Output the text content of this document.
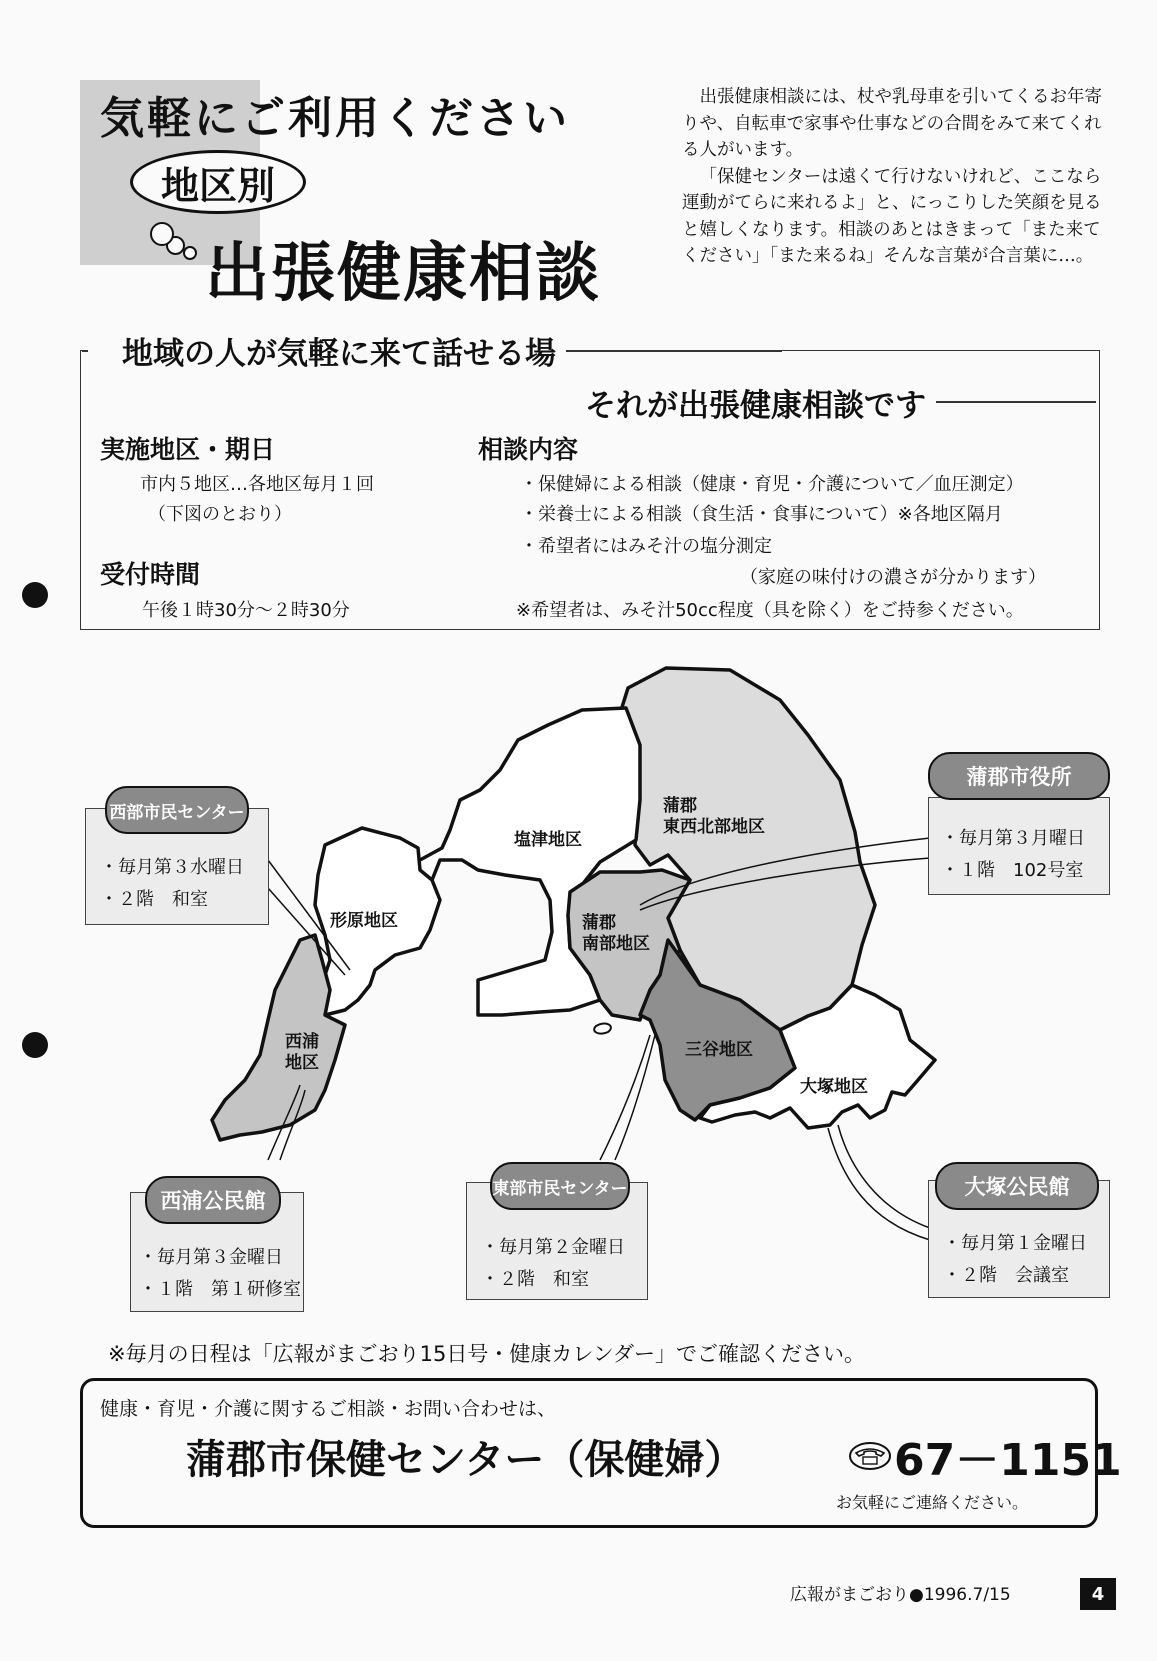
気軽にご利用ください
地区別
出張健康相談

出張健康相談には、杖や乳母車を引いてくるお年寄りや、自転車で家事や仕事などの合間をみて来てくれる人がいます。

「保健センターは遠くて行けないけれど、ここなら運動がてらに来れるよ」と、にっこりした笑顔を見ると嬉しくなります。相談のあとはきまって「また来てください」「また来るね」そんな言葉が合言葉に…。

地域の人が気軽に来て話せる場
それが出張健康相談です
実施地区・期日
市内５地区…各地区毎月１回
（下図のとおり）
受付時間
午後１時30分～２時30分
相談内容
・保健婦による相談（健康・育児・介護について／血圧測定）
・栄養士による相談（食生活・食事について）※各地区隔月
・希望者にはみそ汁の塩分測定
（家庭の味付けの濃さが分かります）
※希望者は、みそ汁50cc程度（具を除く）をご持参ください。
塩津地区
蒲郡
東西北部地区
形原地区	蒲郡
南部地区
西浦
地区
三谷地区
大塚地区
・毎月第３水曜日
・２階　和室
西部市民センター
・毎月第３月曜日
・１階　102号室
蒲郡市役所
・毎月第３金曜日
・１階　第１研修室
西浦公民館
・毎月第２金曜日
・２階　和室
東部市民センター
・毎月第１金曜日
・２階　会議室
大塚公民館
※毎月の日程は「広報がまごおり15日号・健康カレンダー」でご確認ください。
健康・育児・介護に関するご相談・お問い合わせは、
蒲郡市保健センター（保健婦）	67－1151
お気軽にご連絡ください。
広報がまごおり●1996.7/15	4
